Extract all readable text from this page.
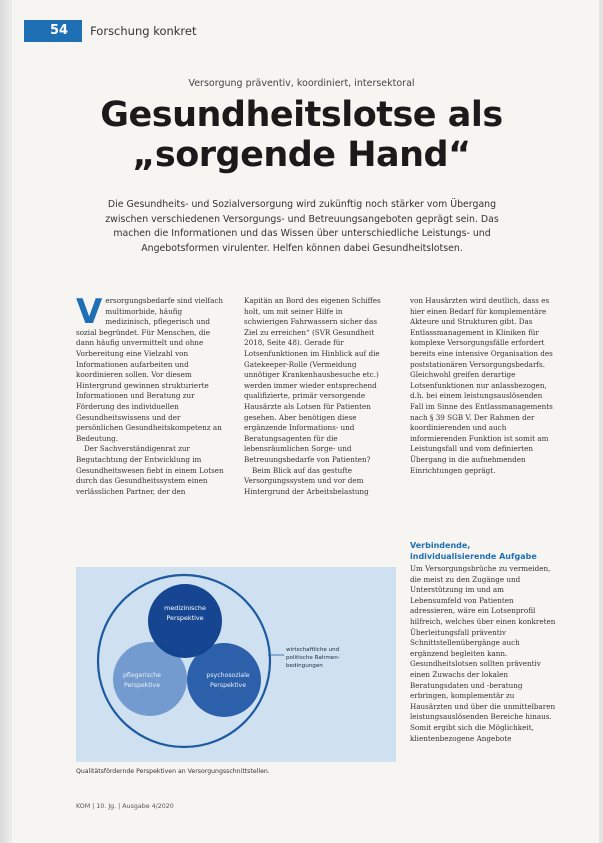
54	Forschung konkret
Versorgung präventiv, koordiniert, intersektoral
Gesundheitslotse als
„sorgende Hand“
Die Gesundheits- und Sozialversorgung wird zukünftig noch stärker vom Übergang zwischen verschiedenen Versorgungs- und Betreuungsangeboten geprägt sein. Das machen die Informationen und das Wissen über unterschiedliche Leistungs- und Angebotsformen virulenter. Helfen können dabei Gesundheitslotsen.
V ersorgungsbedarfe sind vielfach multimorbide, häufig medizinisch, pflegerisch und sozial begründet. Für Menschen, die dann häufig unvermittelt und ohne Vorbereitung eine Vielzahl von Informationen aufarbeiten und koordinieren sollen. Vor diesem Hintergrund gewinnen strukturierte Informationen und Beratung zur Förderung des individuellen Gesundheitswissens und der persönlichen Gesundheitskompetenz an Bedeutung.

Der Sachverständigenrat zur Begutachtung der Entwicklung im Gesundheitswesen fiebt in einem Lotsen durch das Gesundheitssystem einen verlässlichen Partner, der den

Kapitän an Bord des eigenen Schiffes holt, um mit seiner Hilfe in schwierigen Fahrwassern sicher das Ziel zu erreichen“ (SVR Gesundheit 2018, Seite 48). Gerade für Lotsenfunktionen im Hinblick auf die Gatekeeper-Rolle (Vermeidung unnötiger Krankenhausbesuche etc.) werden immer wieder entsprechend qualifizierte, primär versorgende Hausärzte als Lotsen für Patienten gesehen. Aber benötigen diese ergänzende Informations- und Beratungsagenten für die lebensräumlichen Sorge- und Betreuungsbedarfe von Patienten?

Beim Blick auf das gestufte Versorgungssystem und vor dem Hintergrund der Arbeitsbelastung

von Hausärzten wird deutlich, dass es hier einen Bedarf für komplementäre Akteure und Strukturen gibt. Das Entlassmanagement in Kliniken für komplexe Versorgungsfälle erfordert bereits eine intensive Organisation des poststationären Versorgungsbedarfs. Gleichwohl greifen derartige Lotsenfunktionen nur anlassbezogen, d.h. bei einem leistungsauslösenden Fall im Sinne des Entlassmanagements nach § 39 SGB V. Der Rahmen der koordinierenden und auch informierenden Funktion ist somit am Leistungsfall und vom definierten Übergang in die aufnehmenden Einrichtungen geprägt.

Verbindende,
individualisierende Aufgabe

Um Versorgungsbrüche zu vermeiden, die meist zu den Zugänge und Unterstützung im und am Lebensumfeld von Patienten adressieren, wäre ein Lotsenprofil hilfreich, welches über einen konkreten Überleitungsfall präventiv Schnittstellenübergänge auch ergänzend begleiten kann. Gesundheitslotsen sollten präventiv einen Zuwachs der lokalen Beratungsdaten und -beratung erbringen, komplementär zu Hausärzten und über die unmittelbaren leistungsauslösenden Bereiche hinaus. Somit ergibt sich die Möglichkeit, klientenbezogene Angebote

medizinische
Perspektive
pflegerische
Perspektive
psychosoziale
Perspektive
wirtschaftliche und
politische Rahmen-
bedingungen
Qualitätsfördernde Perspektiven an Versorgungsschnittstellen.
KOM | 10. Jg. | Ausgabe 4/2020
